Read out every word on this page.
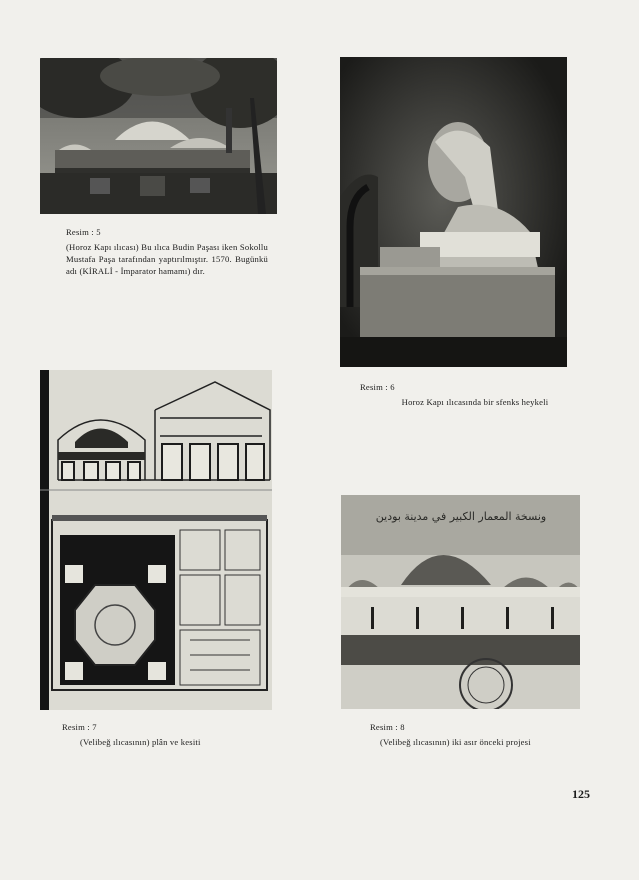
Resim : 5
(Horoz Kapı ılıcası) Bu ılıca Budin Paşası iken Sokollu Mustafa Paşa tarafından yaptırılmıştır. 1570. Bugünkü adı (KİRALİ - İmparator hamamı) dır.
Resim : 6
Horoz Kapı ılıcasında bir sfenks heykeli
Resim : 7
(Velibeğ ılıcasının) plân ve kesiti
ونسخة المعمار الكبير في مدينة بودين
Resim : 8
(Velibeğ ılıcasının) iki asır önceki projesi
125
